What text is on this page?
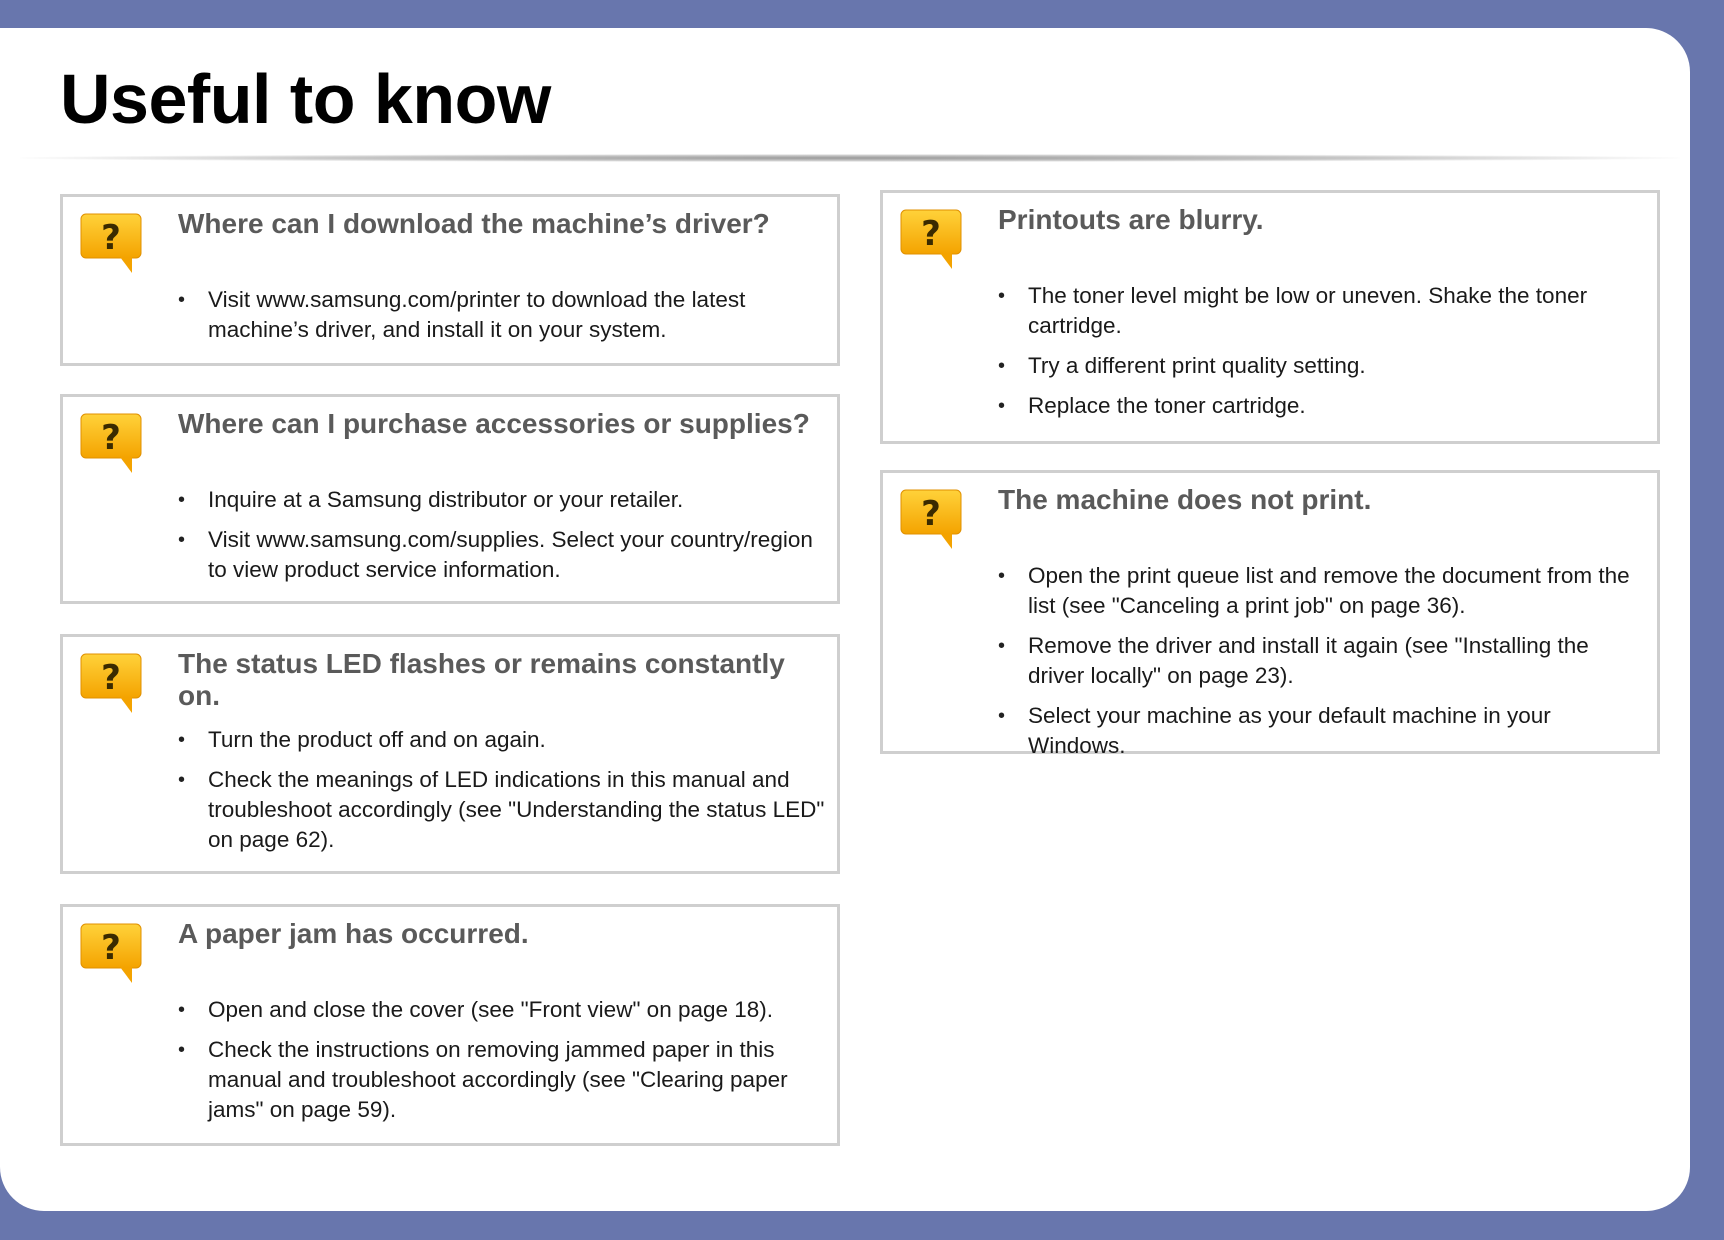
Useful to know
? Where can I download the machine’s driver?
• Visit www.samsung.com/printer to download the latest machine’s driver, and install it on your system.
? Where can I purchase accessories or supplies?
• Inquire at a Samsung distributor or your retailer.
• Visit www.samsung.com/supplies. Select your country/region to view product service information.
? The status LED flashes or remains constantly on.
• Turn the product off and on again.
• Check the meanings of LED indications in this manual and troubleshoot accordingly (see "Understanding the status LED" on page 62).
? A paper jam has occurred.
• Open and close the cover (see "Front view" on page 18).
• Check the instructions on removing jammed paper in this manual and troubleshoot accordingly (see "Clearing paper jams" on page 59).
? Printouts are blurry.
• The toner level might be low or uneven. Shake the toner cartridge.
• Try a different print quality setting.
• Replace the toner cartridge.
? The machine does not print.
• Open the print queue list and remove the document from the list (see "Canceling a print job" on page 36).
• Remove the driver and install it again (see "Installing the driver locally" on page 23).
• Select your machine as your default machine in your Windows.
